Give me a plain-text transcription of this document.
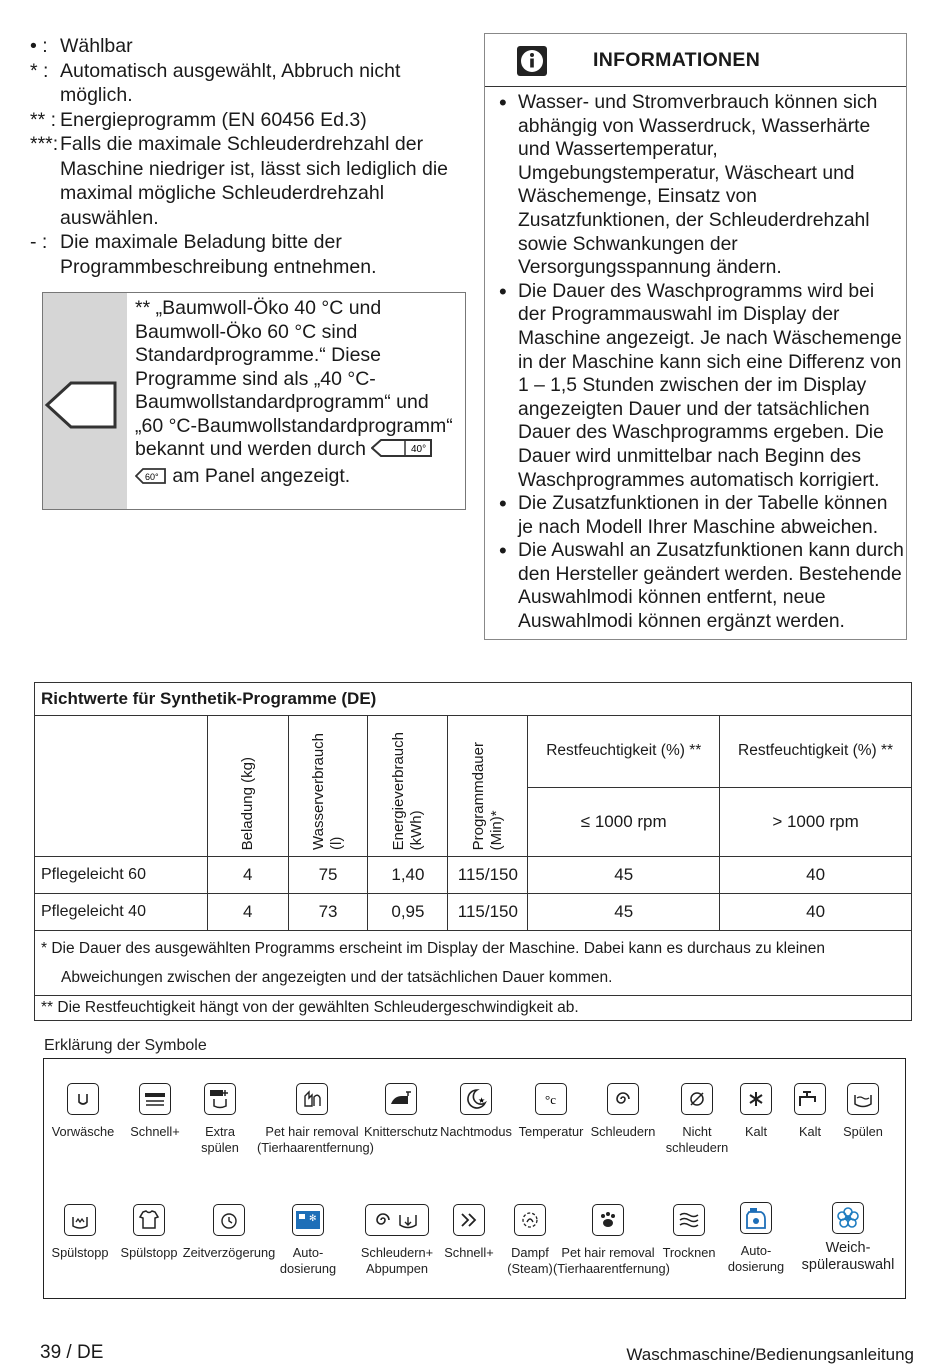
• : Wählbar
* : Automatisch ausgewählt, Abbruch nicht möglich.
** : Energieprogramm (EN 60456 Ed.3)
***: Falls die maximale Schleuderdrehzahl der Maschine niedriger ist, lässt sich lediglich die maximal mögliche Schleuderdrehzahl auswählen.
- : Die maximale Beladung bitte der Programmbeschreibung entnehmen.
** „Baumwoll-Öko 40 °C und Baumwoll-Öko 60 °C sind Standardprogramme.“ Diese Programme sind als „40 °C-Baumwollstandardprogramm“ und „60 °C-Baumwollstandardprogramm“ bekannt und werden durch	40°

60° am Panel angezeigt.
INFORMATIONEN
• Wasser- und Stromverbrauch können sich abhängig von Wasserdruck, Wasserhärte und Wassertemperatur, Umgebungstemperatur, Wäscheart und Wäschemenge, Einsatz von Zusatzfunktionen, der Schleuderdrehzahl sowie Schwankungen der Versorgungsspannung ändern.
• Die Dauer des Waschprogramms wird bei der Programmauswahl im Display der Maschine angezeigt. Je nach Wäschemenge in der Maschine kann sich eine Differenz von 1 – 1,5 Stunden zwischen der im Display angezeigten Dauer und der tatsächlichen Dauer des Waschprogramms ergeben. Die Dauer wird unmittelbar nach Beginn des Waschprogrammes automatisch korrigiert.
• Die Zusatzfunktionen in der Tabelle können je nach Modell Ihrer Maschine abweichen.
• Die Auswahl an Zusatzfunktionen kann durch den Hersteller geändert werden. Bestehende Auswahlmodi können entfernt, neue Auswahlmodi können ergänzt werden.
Richtwerte für Synthetik-Programme (DE)						

	Beladung (kg)	Wasserverbrauch
(l)	Energieverbrauch
(kWh)	Programmdauer
(Min)*	Restfeuchtigkeit (%) **	Restfeuchtigkeit (%) **
					≤ 1000 rpm	> 1000 rpm
Pflegeleicht 60	4	75	1,40	115/150	45	40
Pflegeleicht 40	4	73	0,95	115/150	45	40
* Die Dauer des ausgewählten Programms erscheint im Display der Maschine. Dabei kann es durchaus zu kleinen
Abweichungen zwischen der angezeigten und der tatsächlichen Dauer kommen.						
** Die Restfeuchtigkeit hängt von der gewählten Schleudergeschwindigkeit ab.						
Erklärung der Symbole
Vorwäsche	Schnell+	Extra
spülen
Pet hair removal
(Tierhaarentfernung)
Knitterschutz

★
Nachtmodus

°c
Temperatur Schleudern	Nicht
schleudern
Kalt	Kalt	Spülen

Spülstopp Spülstopp Zeitverzögerung

✻
Auto-
dosierung
Schleudern+
Abpumpen
Schnell+	Dampf
(Steam)
Pet hair removal
(Tierhaarentfernung)
Trocknen	Auto-
dosierung
Weich-
spülerauswahl
39 / DE	Waschmaschine/Bedienungsanleitung
